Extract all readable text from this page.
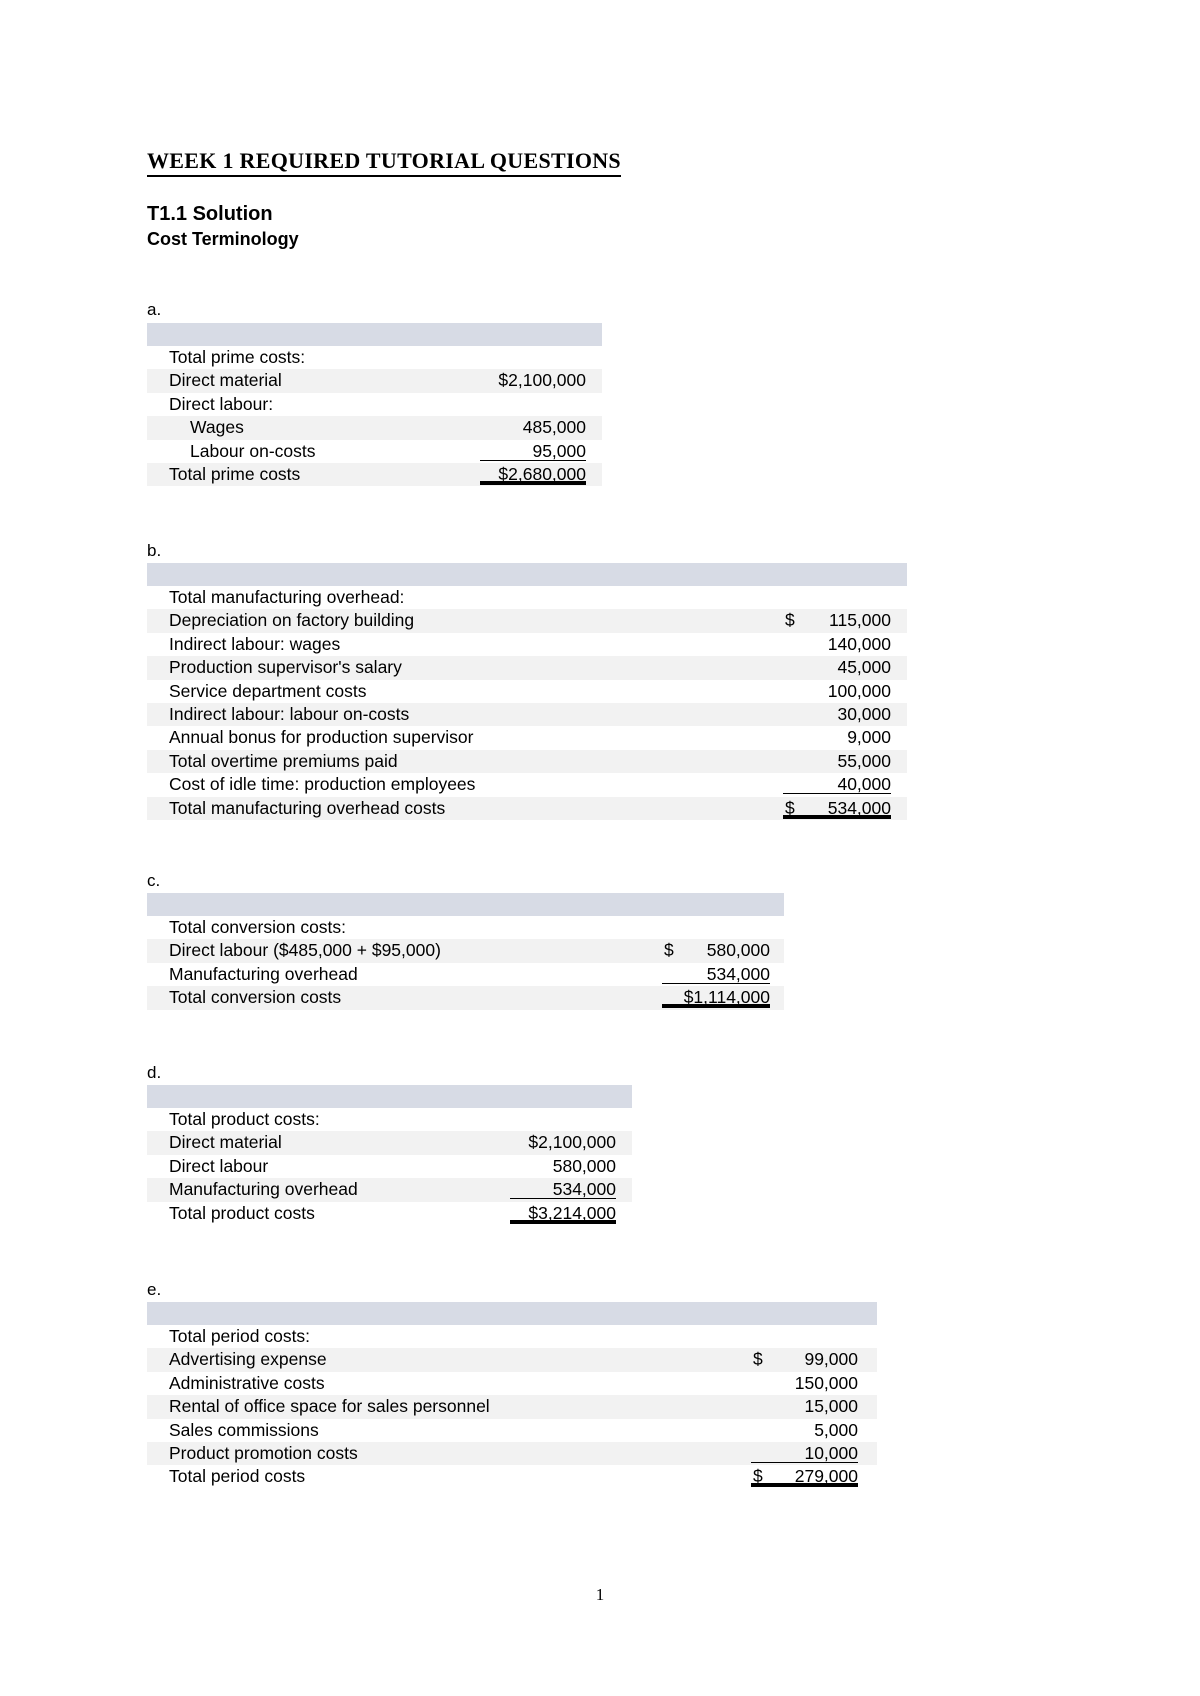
WEEK 1 REQUIRED TUTORIAL QUESTIONS
T1.1 Solution
Cost Terminology
a.
Total prime costs:
Direct material	$2,100,000
Direct labour:
Wages	485,000
Labour on-costs	95,000
Total prime costs	$2,680,000
b.
Total manufacturing overhead:
Depreciation on factory building	$ 115,000
Indirect labour: wages	140,000
Production supervisor's salary	45,000
Service department costs	100,000
Indirect labour: labour on-costs	30,000
Annual bonus for production supervisor	9,000
Total overtime premiums paid	55,000
Cost of idle time: production employees	40,000
Total manufacturing overhead costs	$ 534,000
c.
Total conversion costs:
Direct labour ($485,000 + $95,000)	$ 580,000
Manufacturing overhead	534,000
Total conversion costs	$1,114,000
d.
Total product costs:
Direct material	$2,100,000
Direct labour	580,000
Manufacturing overhead	534,000
Total product costs	$3,214,000
e.
Total period costs:
Advertising expense	$ 99,000
Administrative costs	150,000
Rental of office space for sales personnel	15,000
Sales commissions	5,000
Product promotion costs	10,000
Total period costs	$ 279,000
1
